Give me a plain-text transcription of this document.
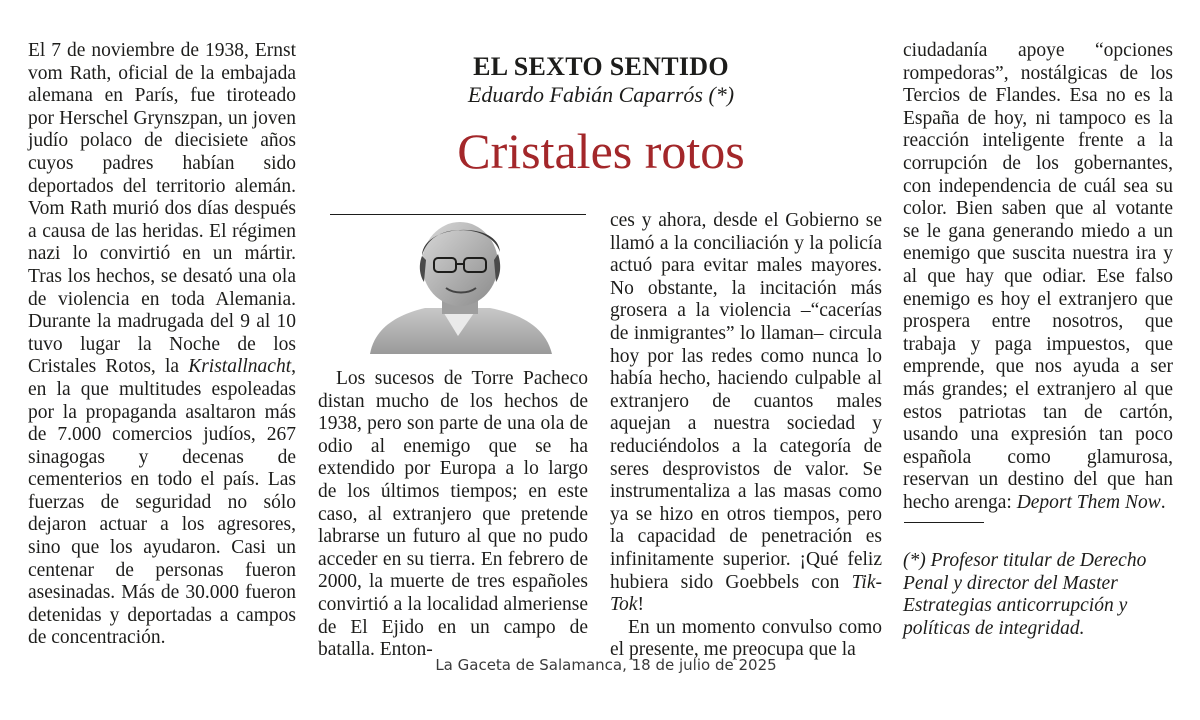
El 7 de noviembre de 1938, Ernst vom Rath, oficial de la embajada alemana en París, fue tiroteado por Herschel Grynszpan, un joven judío polaco de diecisiete años cuyos padres habían sido deportados del territorio alemán. Vom Rath murió dos días después a causa de las heridas. El régimen nazi lo convirtió en un mártir. Tras los hechos, se desató una ola de violencia en toda Alemania. Durante la madrugada del 9 al 10 tuvo lugar la Noche de los Cristales Rotos, la Kristallnacht, en la que multitudes espoleadas por la propaganda asaltaron más de 7.000 comercios judíos, 267 sinagogas y decenas de cementerios en todo el país. Las fuerzas de seguridad no sólo dejaron actuar a los agresores, sino que los ayudaron. Casi un centenar de personas fueron asesinadas. Más de 30.000 fueron detenidas y deportadas a campos de concentración.

EL SEXTO SENTIDO
Eduardo Fabián Caparrós (*)
Cristales rotos

Los sucesos de Torre Pacheco distan mucho de los hechos de 1938, pero son parte de una ola de odio al enemigo que se ha extendido por Europa a lo largo de los últimos tiempos; en este caso, al extranjero que pretende labrarse un futuro al que no pudo acceder en su tierra. En febrero de 2000, la muerte de tres españoles convirtió a la localidad almeriense de El Ejido en un campo de batalla. Enton-

ces y ahora, desde el Gobierno se llamó a la conciliación y la policía actuó para evitar males mayores. No obstante, la incitación más grosera a la violencia –“cacerías de inmigrantes” lo llaman– circula hoy por las redes como nunca lo había hecho, haciendo culpable al extranjero de cuantos males aquejan a nuestra sociedad y reduciéndolos a la categoría de seres desprovistos de valor. Se instrumentaliza a las masas como ya se hizo en otros tiempos, pero la capacidad de penetración es infinitamente superior. ¡Qué feliz hubiera sido Goebbels con Tik-Tok!

En un momento convulso como el presente, me preocupa que la

ciudadanía apoye “opciones rompedoras”, nostálgicas de los Tercios de Flandes. Esa no es la España de hoy, ni tampoco es la reacción inteligente frente a la corrupción de los gobernantes, con independencia de cuál sea su color. Bien saben que al votante se le gana generando miedo a un enemigo que suscita nuestra ira y al que hay que odiar. Ese falso enemigo es hoy el extranjero que prospera entre nosotros, que trabaja y paga impuestos, que emprende, que nos ayuda a ser más grandes; el extranjero al que estos patriotas tan de cartón, usando una expresión tan poco española como glamurosa, reservan un destino del que han hecho arenga: Deport Them Now.

(*) Profesor titular de Derecho Penal y director del Master Estrategias anticorrupción y políticas de integridad.
La Gaceta de Salamanca, 18 de julio de 2025
